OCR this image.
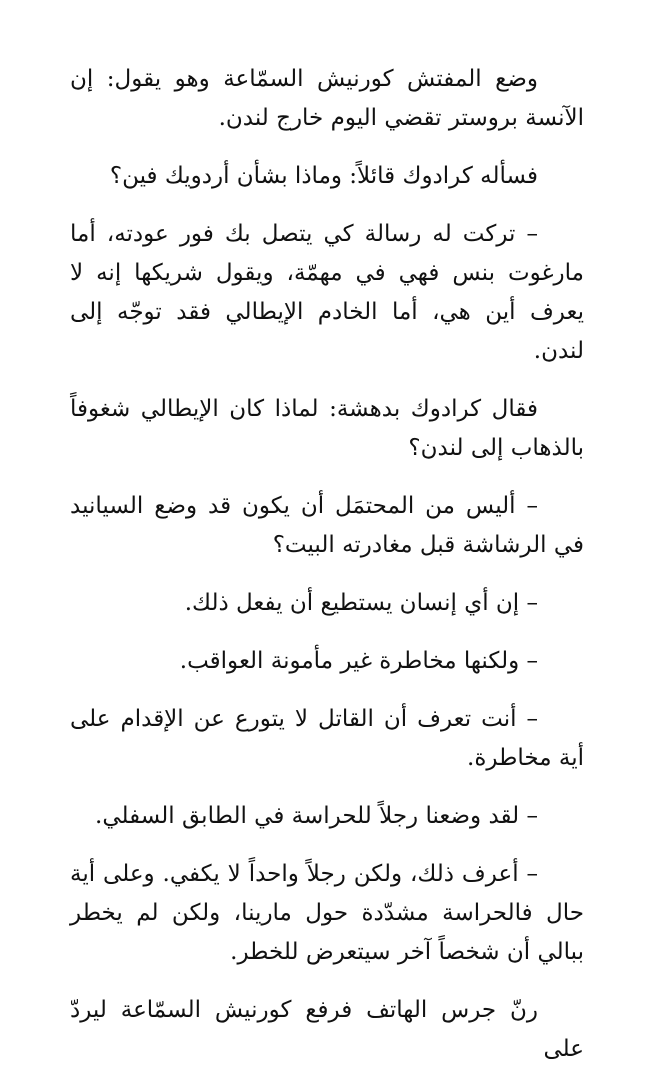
وضع المفتش كورنيش السمّاعة وهو يقول: إن الآنسة بروستر تقضي اليوم خارج لندن.

فسأله كرادوك قائلاً: وماذا بشأن أردويك فين؟

– تركت له رسالة كي يتصل بك فور عودته، أما مارغوت بنس فهي في مهمّة، ويقول شريكها إنه لا يعرف أين هي، أما الخادم الإيطالي فقد توجّه إلى لندن.

فقال كرادوك بدهشة: لماذا كان الإيطالي شغوفاً بالذهاب إلى لندن؟

– أليس من المحتمَل أن يكون قد وضع السيانيد في الرشاشة قبل مغادرته البيت؟

– إن أي إنسان يستطيع أن يفعل ذلك.

– ولكنها مخاطرة غير مأمونة العواقب.

– أنت تعرف أن القاتل لا يتورع عن الإقدام على أية مخاطرة.

– لقد وضعنا رجلاً للحراسة في الطابق السفلي.

– أعرف ذلك، ولكن رجلاً واحداً لا يكفي. وعلى أية حال فالحراسة مشدّدة حول مارينا، ولكن لم يخطر ببالي أن شخصاً آخر سيتعرض للخطر.

رنّ جرس الهاتف فرفع كورنيش السمّاعة ليردّ على
